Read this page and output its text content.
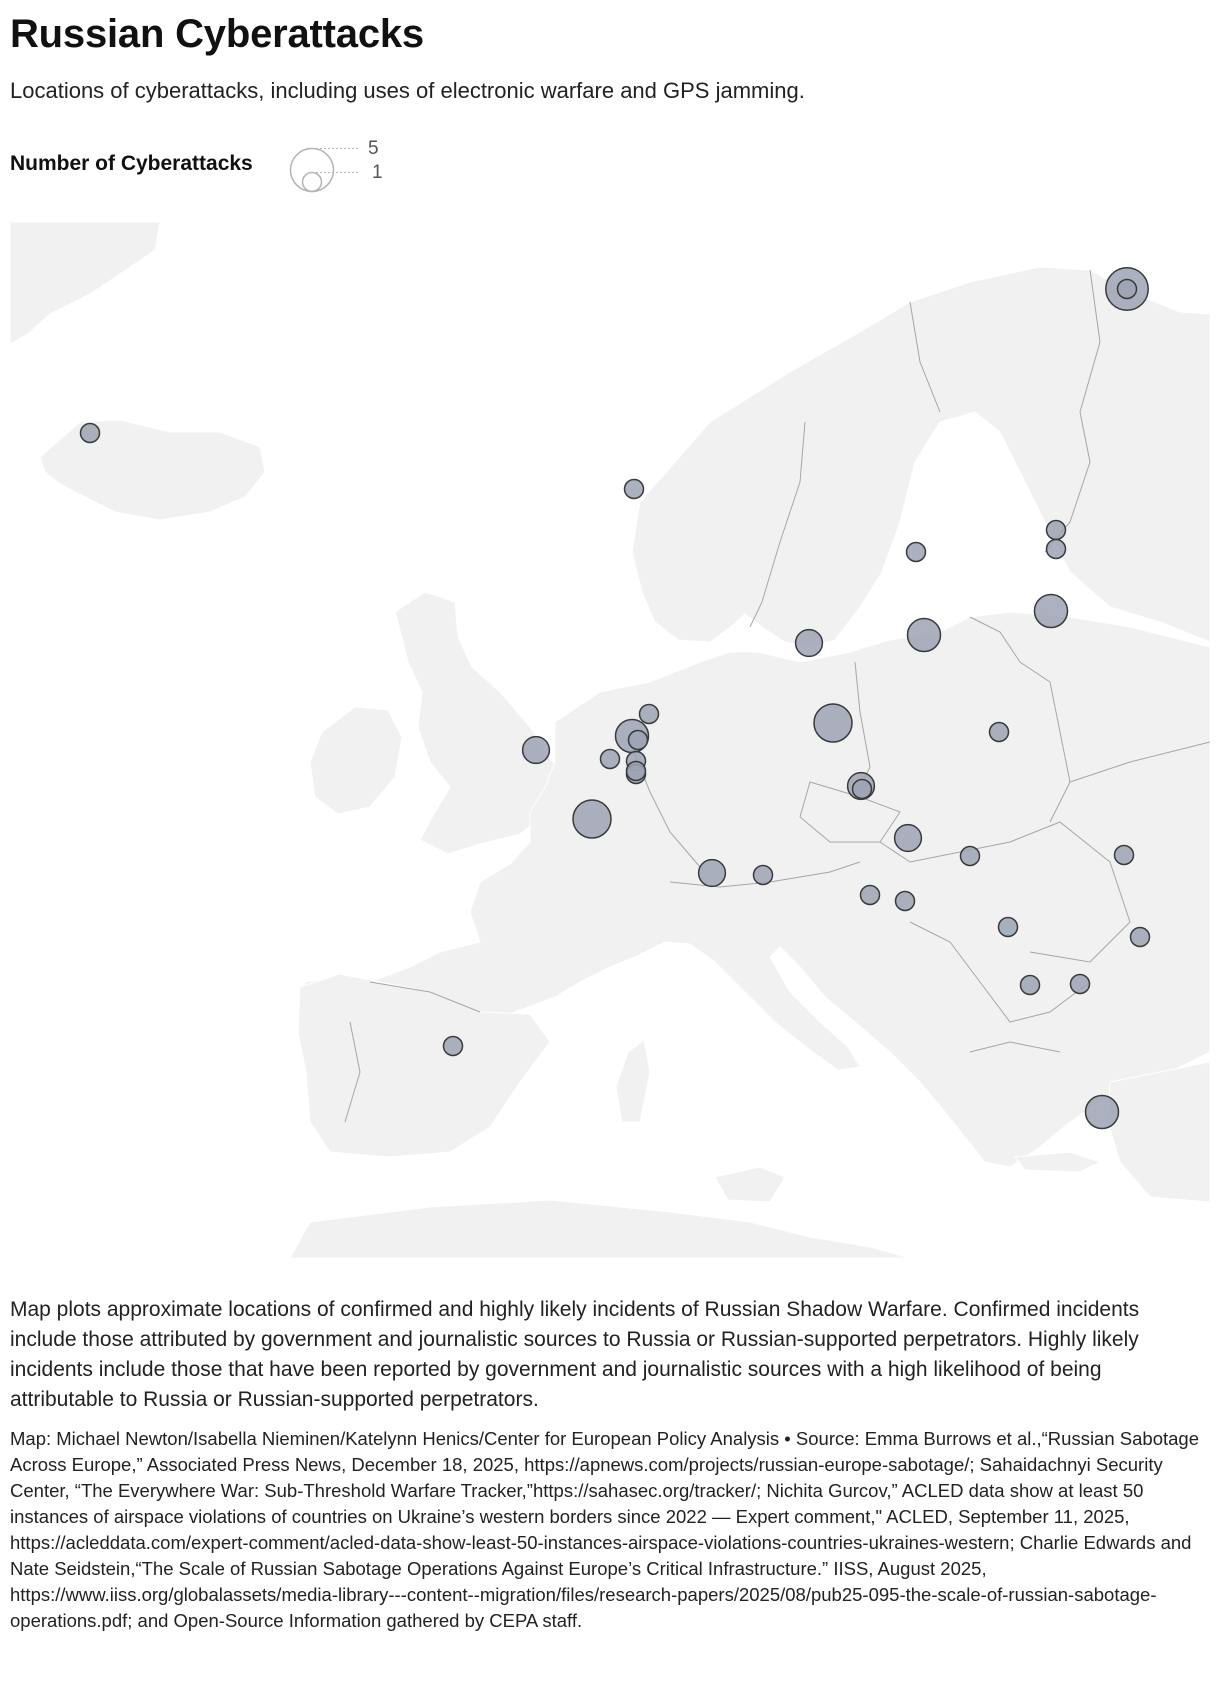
Russian Cyberattacks

Locations of cyberattacks, including uses of electronic warfare and GPS jamming.

Number of Cyberattacks
5
1

Map plots approximate locations of confirmed and highly likely incidents of Russian Shadow Warfare. Confirmed incidents include those attributed by government and journalistic sources to Russia or Russian-supported perpetrators. Highly likely incidents include those that have been reported by government and journalistic sources with a high likelihood of being attributable to Russia or Russian-supported perpetrators.

Map: Michael Newton/Isabella Nieminen/Katelynn Henics/Center for European Policy Analysis • Source: Emma Burrows et al.,“Russian Sabotage Across Europe,” Associated Press News, December 18, 2025, https://apnews.com/projects/russian-europe-sabotage/; Sahaidachnyi Security Center, “The Everywhere War: Sub-Threshold Warfare Tracker,”https://sahasec.org/tracker/; Nichita Gurcov,” ACLED data show at least 50 instances of airspace violations of countries on Ukraine’s western borders since 2022 — Expert comment," ACLED, September 11, 2025, https://acleddata.com/expert-comment/acled-data-show-least-50-instances-airspace-violations-countries-ukraines-western; Charlie Edwards and Nate Seidstein,“The Scale of Russian Sabotage Operations Against Europe’s Critical Infrastructure.” IISS, August 2025, https://www.iiss.org/globalassets/media-library---content--migration/files/research-papers/2025/08/pub25-095-the-scale-of-russian-sabotage-operations.pdf; and Open-Source Information gathered by CEPA staff.
